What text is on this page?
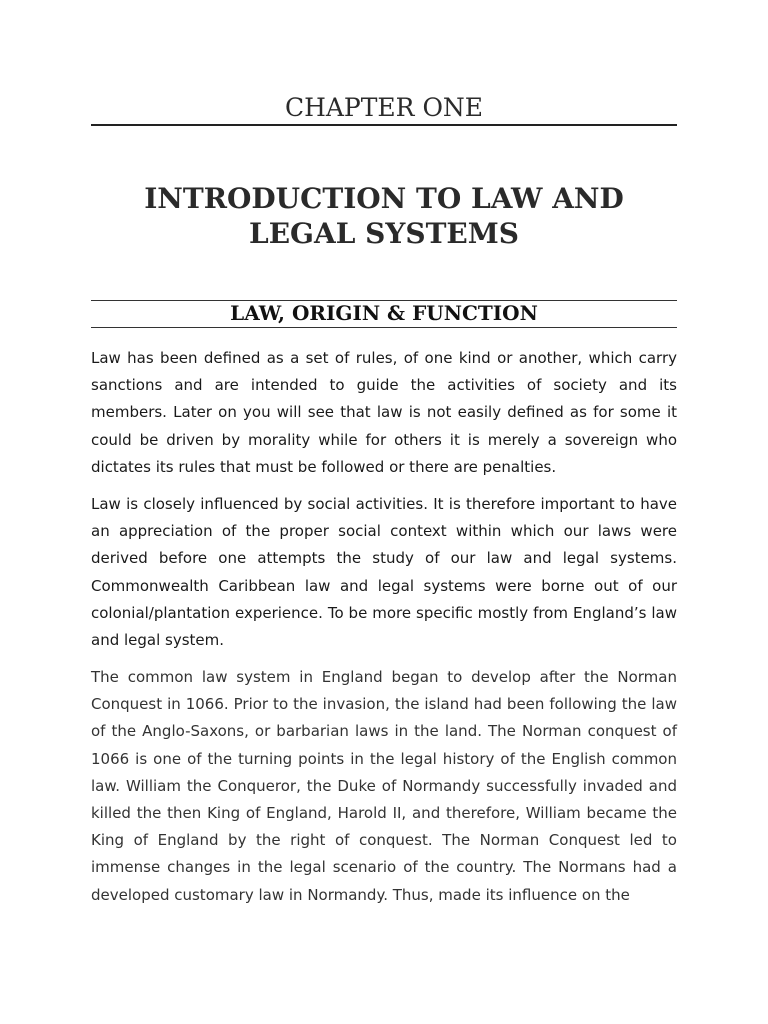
CHAPTER ONE
INTRODUCTION TO LAW AND
LEGAL SYSTEMS
LAW, ORIGIN & FUNCTION

Law has been defined as a set of rules, of one kind or another, which carry sanctions and are intended to guide the activities of society and its members. Later on you will see that law is not easily defined as for some it could be driven by morality while for others it is merely a sovereign who dictates its rules that must be followed or there are penalties.

Law is closely influenced by social activities. It is therefore important to have an appreciation of the proper social context within which our laws were derived before one attempts the study of our law and legal systems. Commonwealth Caribbean law and legal systems were borne out of our colonial/plantation experience. To be more specific mostly from England’s law and legal system.

The common law system in England began to develop after the Norman Conquest in 1066. Prior to the invasion, the island had been following the law of the Anglo-Saxons, or barbarian laws in the land. The Norman conquest of 1066 is one of the turning points in the legal history of the English common law. William the Conqueror, the Duke of Normandy successfully invaded and killed the then King of England, Harold II, and therefore, William became the King of England by the right of conquest. The Norman Conquest led to immense changes in the legal scenario of the country. The Normans had a developed customary law in Normandy. Thus, made its influence on the
